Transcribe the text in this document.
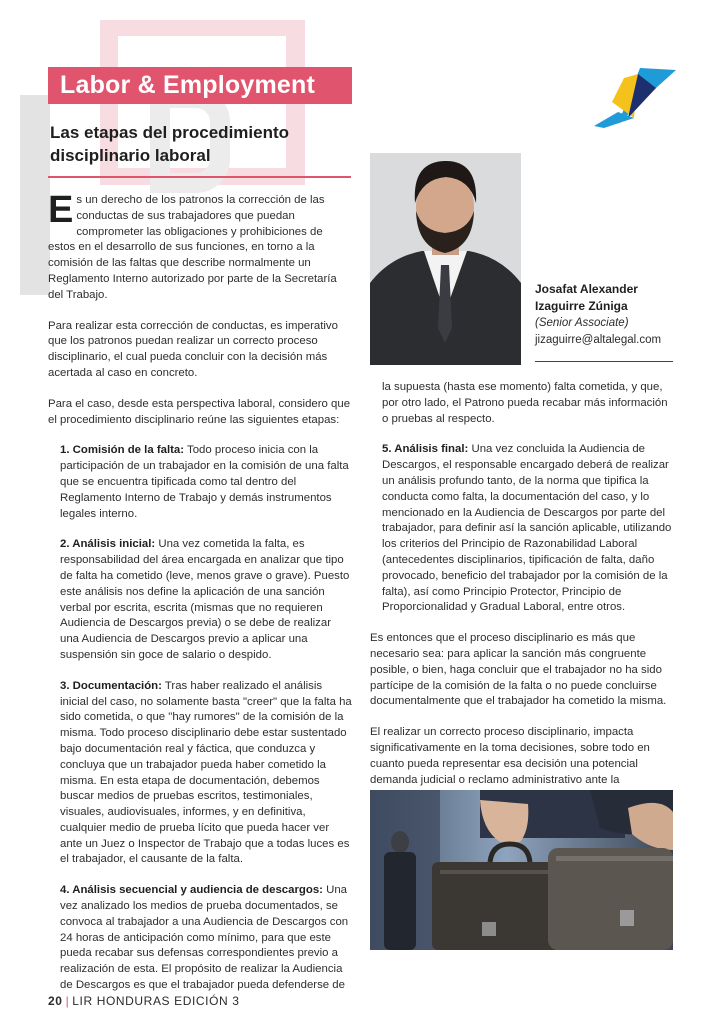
Labor & Employment
Las etapas del procedimiento disciplinario laboral

Es un derecho de los patronos la corrección de las conductas de sus trabajadores que puedan comprometer las obligaciones y prohibiciones de estos en el desarrollo de sus funciones, en torno a la comisión de las faltas que describe normalmente un Reglamento Interno autorizado por parte de la Secretaría del Trabajo.

Para realizar esta corrección de conductas, es imperativo que los patronos puedan realizar un correcto proceso disciplinario, el cual pueda concluir con la decisión más acertada al caso en concreto.

Para el caso, desde esta perspectiva laboral, considero que el procedimiento disciplinario reúne las siguientes etapas:

1. Comisión de la falta: Todo proceso inicia con la participación de un trabajador en la comisión de una falta que se encuentra tipificada como tal dentro del Reglamento Interno de Trabajo y demás instrumentos legales interno.

2. Análisis inicial: Una vez cometida la falta, es responsabilidad del área encargada en analizar que tipo de falta ha cometido (leve, menos grave o grave). Puesto este análisis nos define la aplicación de una sanción verbal por escrita, escrita (mismas que no requieren Audiencia de Descargos previa) o se debe de realizar una Audiencia de Descargos previo a aplicar una suspensión sin goce de salario o despido.

3. Documentación: Tras haber realizado el análisis inicial del caso, no solamente basta "creer" que la falta ha sido cometida, o que "hay rumores" de la comisión de la misma. Todo proceso disciplinario debe estar sustentado bajo documentación real y fáctica, que conduzca y concluya que un trabajador pueda haber cometido la misma. En esta etapa de documentación, debemos buscar medios de pruebas escritos, testimoniales, visuales, audiovisuales, informes, y en definitiva, cualquier medio de prueba lícito que pueda hacer ver ante un Juez o Inspector de Trabajo que a todas luces es el trabajador, el causante de la falta.

4. Análisis secuencial y audiencia de descargos: Una vez analizado los medios de prueba documentados, se convoca al trabajador a una Audiencia de Descargos con 24 horas de anticipación como mínimo, para que este pueda recabar sus defensas correspondientes previo a realización de esta. El propósito de realizar la Audiencia de Descargos es que el trabajador pueda defenderse de

Josafat Alexander
Izaguirre Zúniga
(Senior Associate)
jizaguirre@altalegal.com

la supuesta (hasta ese momento) falta cometida, y que, por otro lado, el Patrono pueda recabar más información o pruebas al respecto.

5. Análisis final: Una vez concluida la Audiencia de Descargos, el responsable encargado deberá de realizar un análisis profundo tanto, de la norma que tipifica la conducta como falta, la documentación del caso, y lo mencionado en la Audiencia de Descargos por parte del trabajador, para definir así la sanción aplicable, utilizando los criterios del Principio de Razonabilidad Laboral (antecedentes disciplinarios, tipificación de falta, daño provocado, beneficio del trabajador por la comisión de la falta), así como Principio Protector, Principio de Proporcionalidad y Gradual Laboral, entre otros.

Es entonces que el proceso disciplinario es más que necesario sea: para aplicar la sanción más congruente posible, o bien, haga concluir que el trabajador no ha sido partícipe de la comisión de la falta o no puede concluirse documentalmente que el trabajador ha cometido la misma.

El realizar un correcto proceso disciplinario, impacta significativamente en la toma decisiones, sobre todo en cuanto pueda representar esa decisión una potencial demanda judicial o reclamo administrativo ante la

20 | LIR HONDURAS EDICIÓN 3
